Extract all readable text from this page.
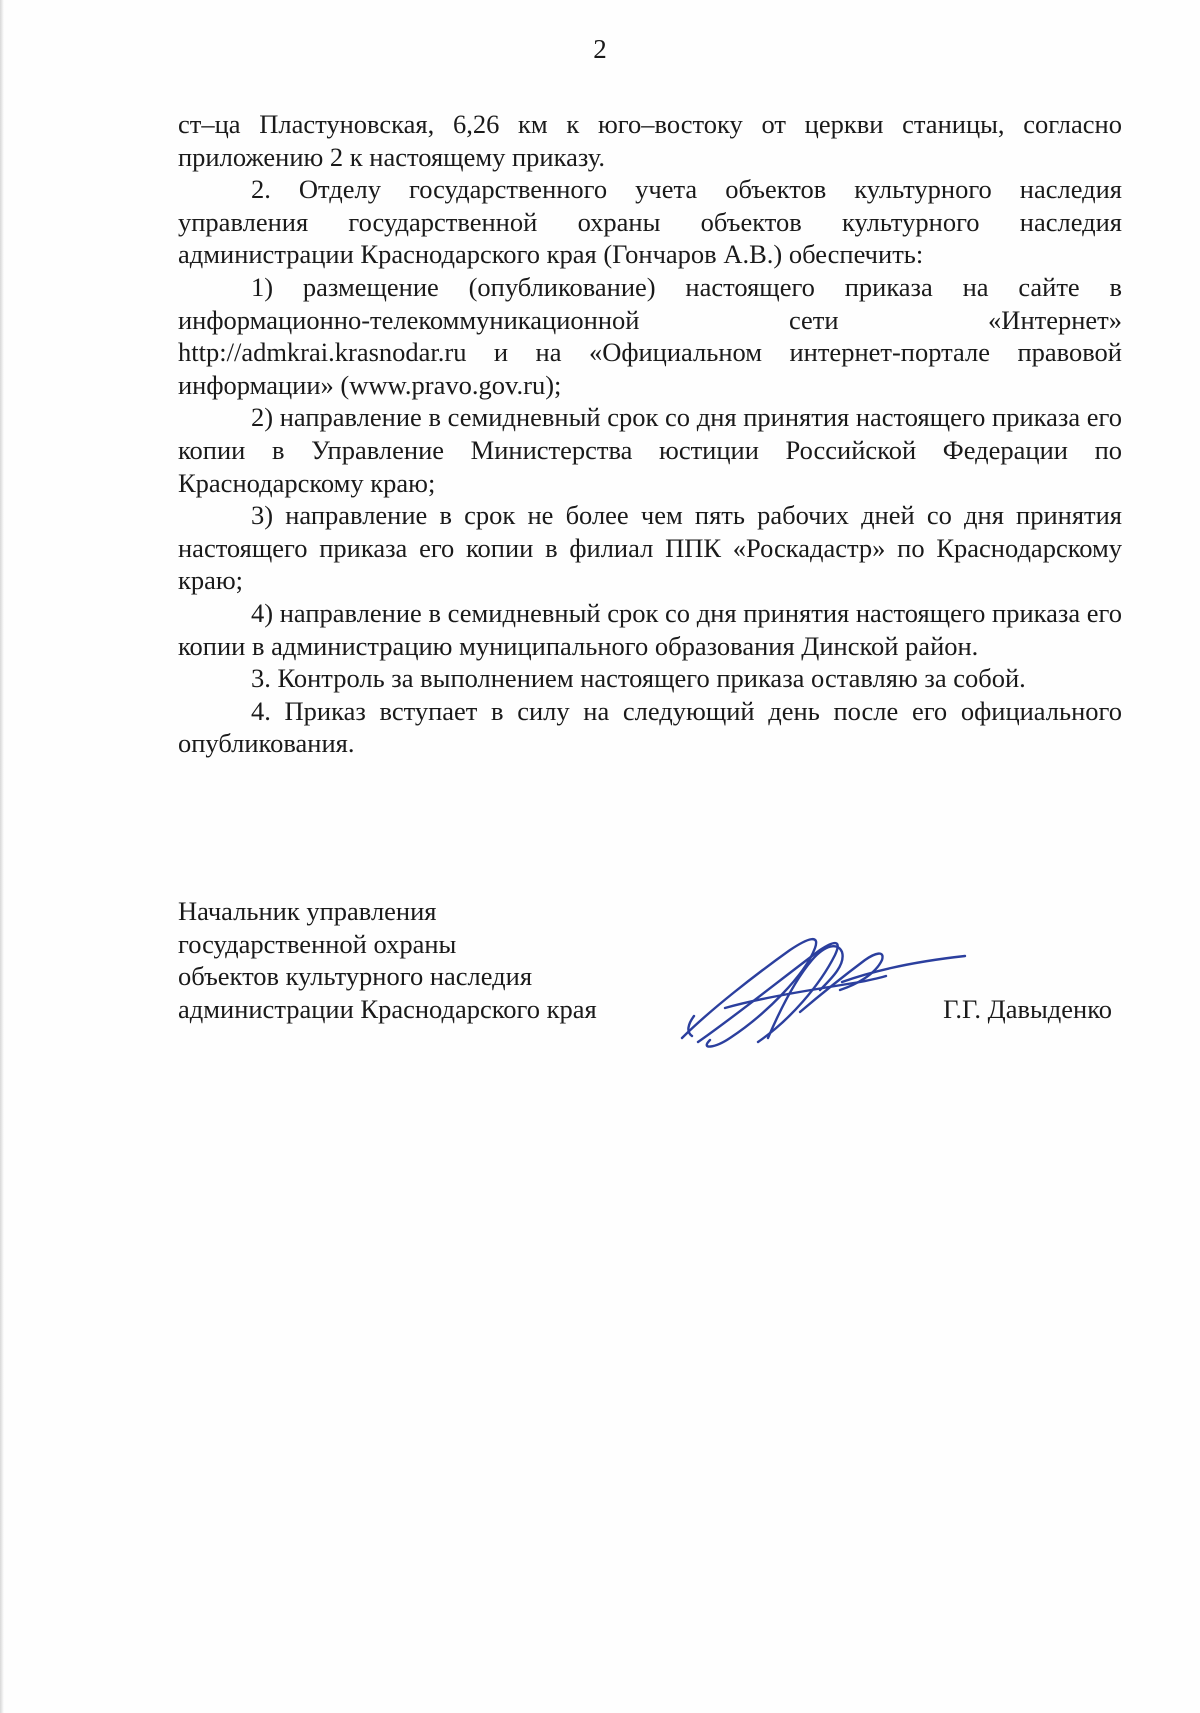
2

ст–ца Пластуновская, 6,26 км к юго–востоку от церкви станицы, согласно приложению 2 к настоящему приказу.

2. Отделу государственного учета объектов культурного наследия управления государственной охраны объектов культурного наследия администрации Краснодарского края (Гончаров А.В.) обеспечить:

1) размещение (опубликование) настоящего приказа на сайте в информационно-телекоммуникационной сети «Интернет» http://admkrai.krasnodar.ru и на «Официальном интернет-портале правовой информации» (www.pravo.gov.ru);

2) направление в семидневный срок со дня принятия настоящего приказа его копии в Управление Министерства юстиции Российской Федерации по Краснодарскому краю;

3) направление в срок не более чем пять рабочих дней со дня принятия настоящего приказа его копии в филиал ППК «Роскадастр» по Краснодарскому краю;

4) направление в семидневный срок со дня принятия настоящего приказа его копии в администрацию муниципального образования Динской район.

3. Контроль за выполнением настоящего приказа оставляю за собой.

4. Приказ вступает в силу на следующий день после его официального опубликования.

Начальник управления
государственной охраны
объектов культурного наследия
администрации Краснодарского края	Г.Г. Давыденко
